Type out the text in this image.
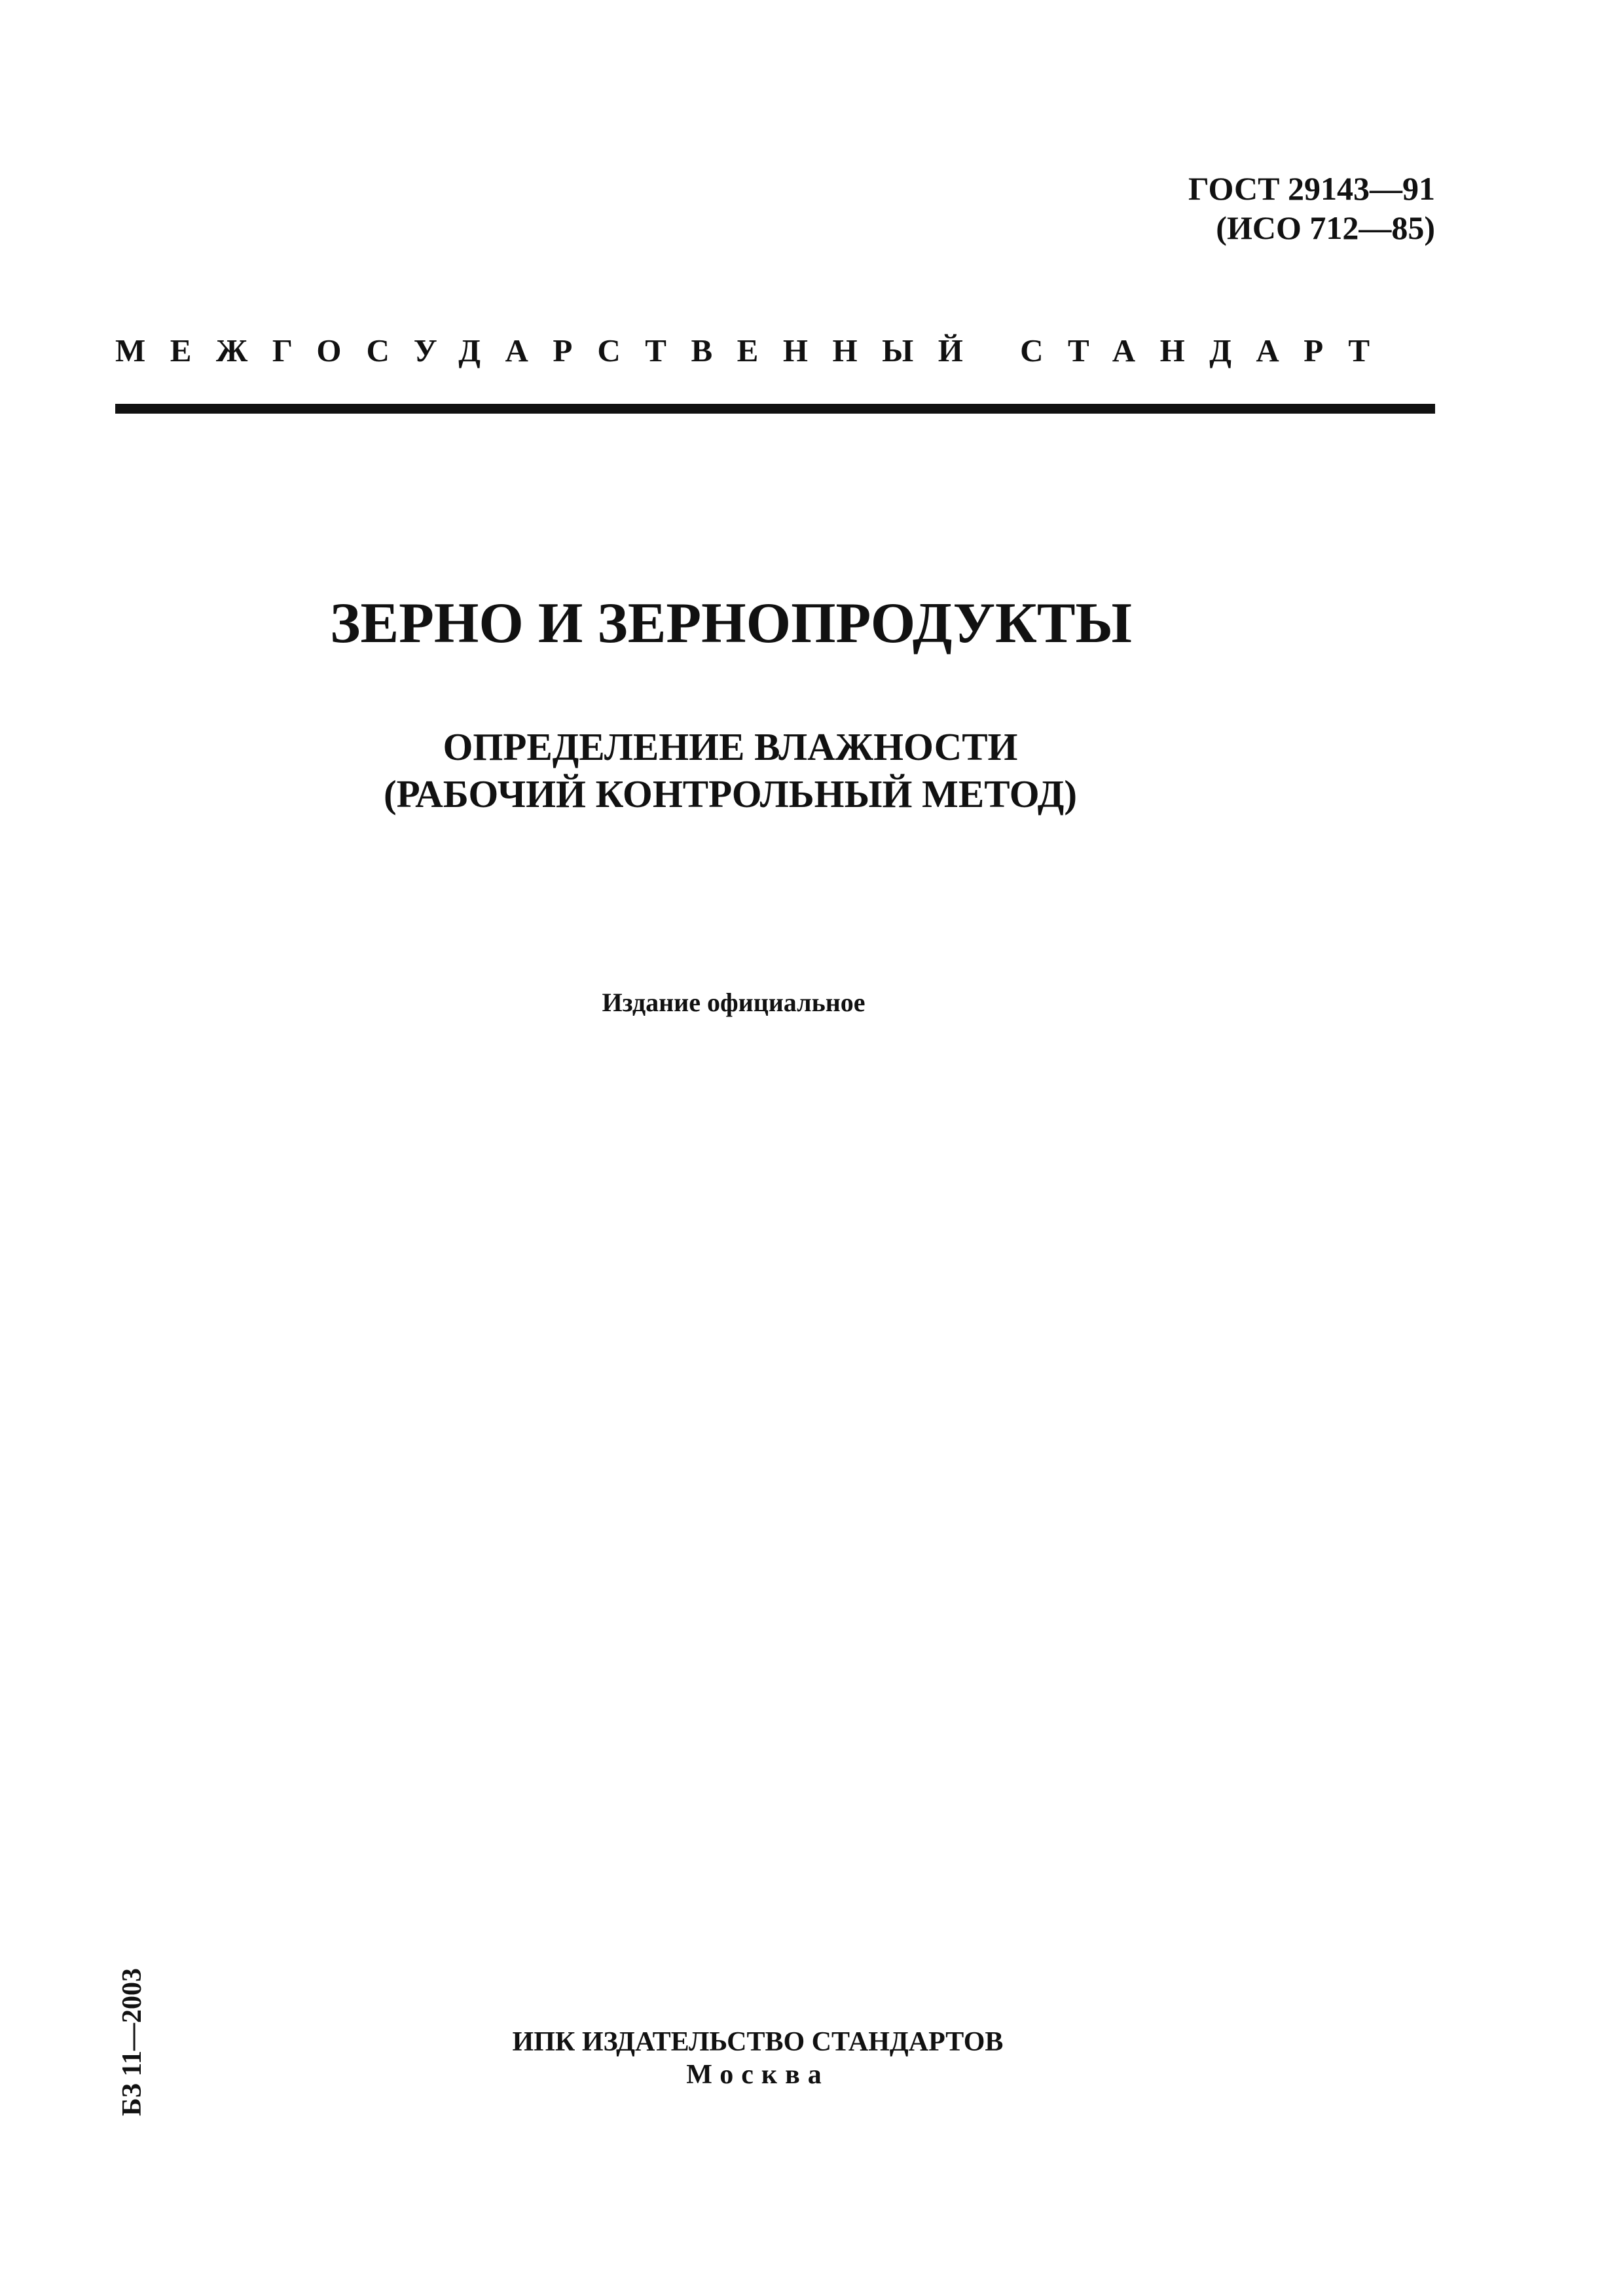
ГОСТ 29143—91
(ИСО 712—85)
МЕЖГОСУДАРСТВЕННЫЙ СТАНДАРТ
ЗЕРНО И ЗЕРНОПРОДУКТЫ
ОПРЕДЕЛЕНИЕ ВЛАЖНОСТИ
(РАБОЧИЙ КОНТРОЛЬНЫЙ МЕТОД)
Издание официальное
БЗ 11—2003	ИПК ИЗДАТЕЛЬСТВО СТАНДАРТОВ
Москва
